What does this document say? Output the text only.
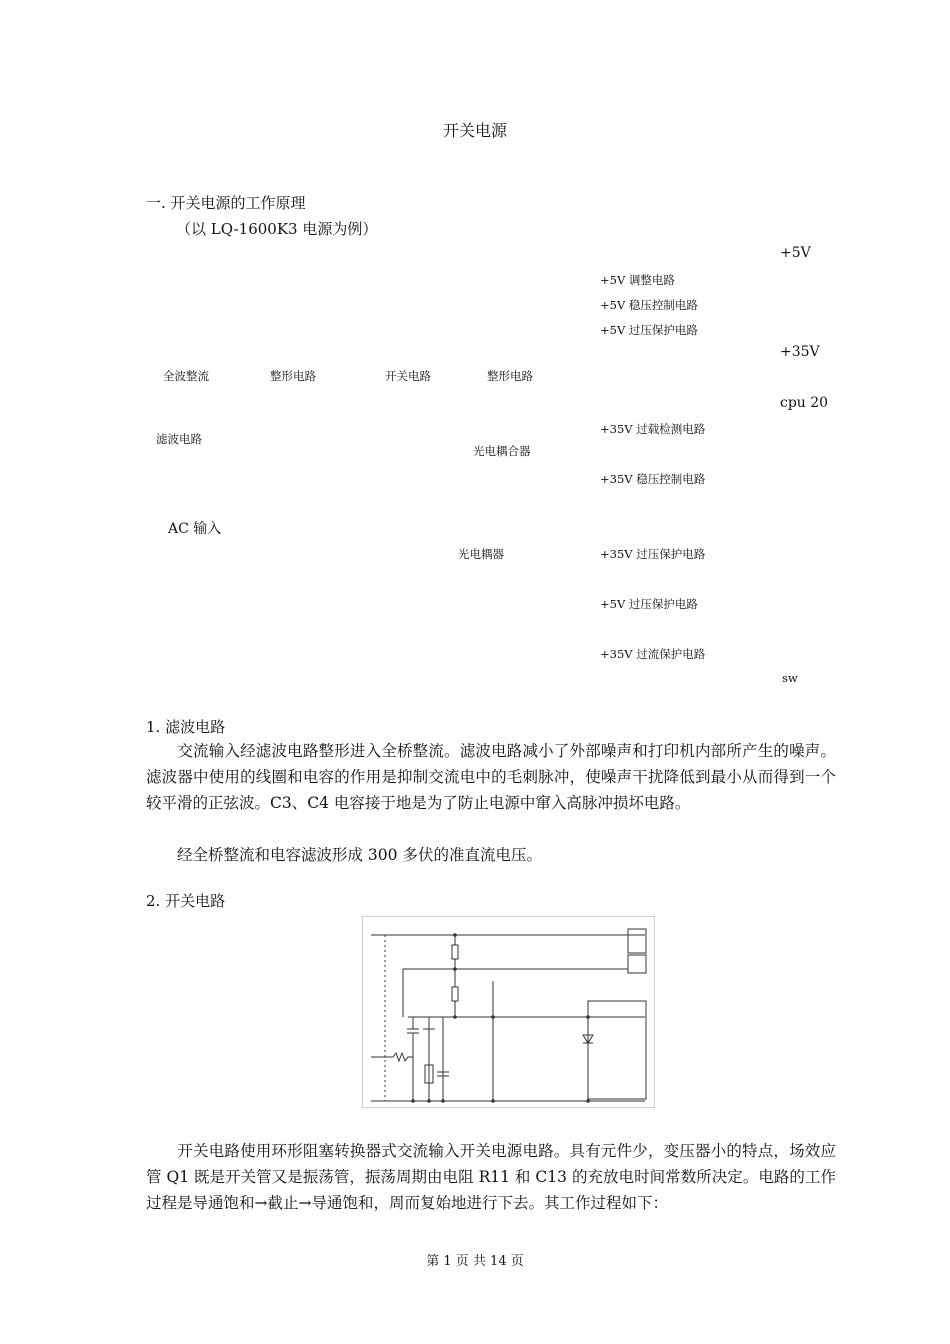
开关电源
一. 开关电源的工作原理
（以 LQ-1600K3 电源为例）
+5V
+5V 调整电路
+5V 稳压控制电路
+5V 过压保护电路
+35V
全波整流	整形电路	开关电路	整形电路
cpu 20
滤波电路
+35V 过载检测电路
光电耦合器
+35V 稳压控制电路
AC 输入
光电耦器	+35V 过压保护电路
+5V 过压保护电路
+35V 过流保护电路
sw
1. 滤波电路
　　交流输入经滤波电路整形进入全桥整流。滤波电路减小了外部噪声和打印机内部所产生的噪声。滤波器中使用的线圈和电容的作用是抑制交流电中的毛刺脉冲，使噪声干扰降低到最小从而得到一个较平滑的正弦波。C3、C4 电容接于地是为了防止电源中窜入高脉冲损坏电路。
　　经全桥整流和电容滤波形成 300 多伏的准直流电压。
2. 开关电路
　　开关电路使用环形阻塞转换器式交流输入开关电源电路。具有元件少，变压器小的特点，场效应管 Q1 既是开关管又是振荡管，振荡周期由电阻 R11 和 C13 的充放电时间常数所决定。电路的工作过程是导通饱和→截止→导通饱和，周而复始地进行下去。其工作过程如下：
第 1 页 共 14 页
